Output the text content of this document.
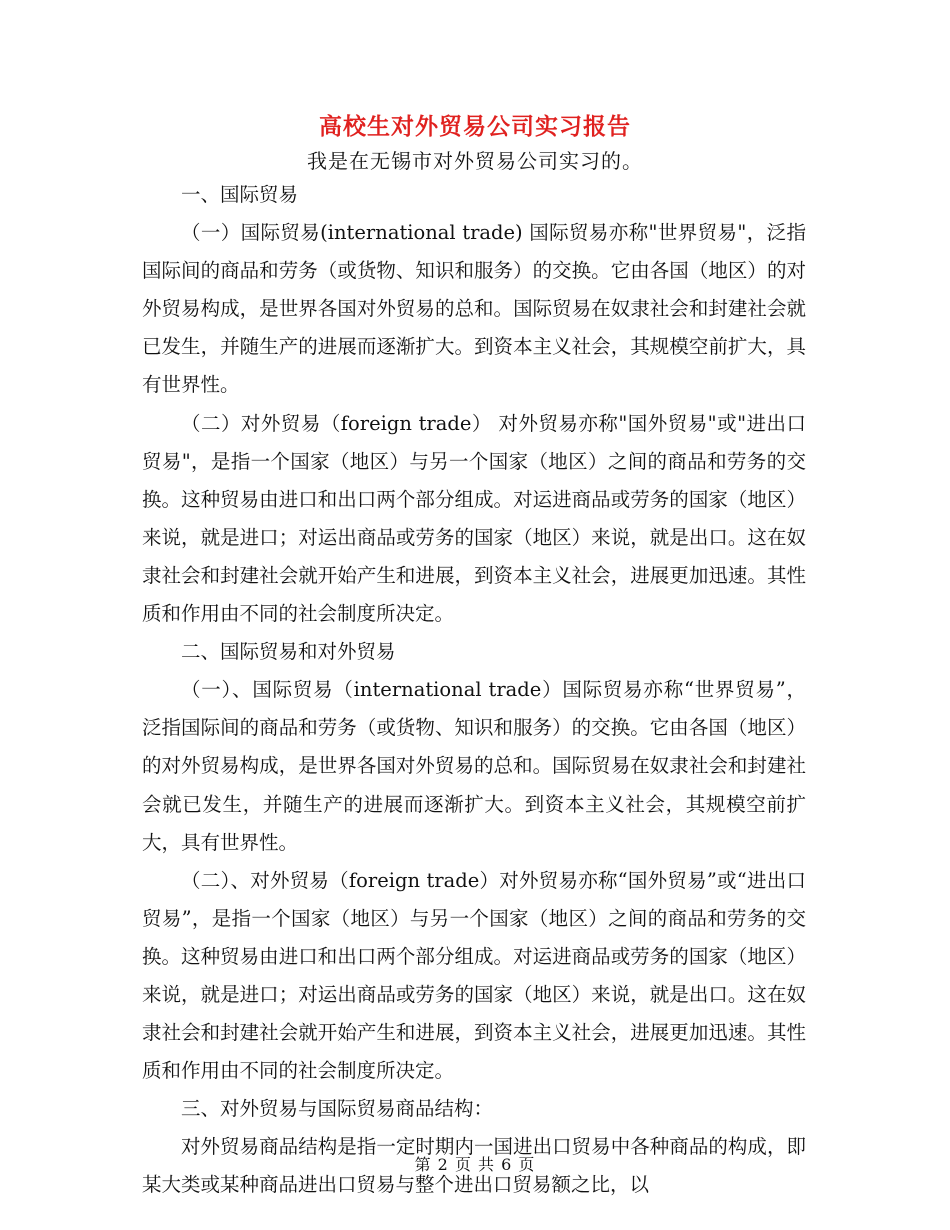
高校生对外贸易公司实习报告
我是在无锡市对外贸易公司实习的。

一、国际贸易

（一）国际贸易(international trade) 国际贸易亦称"世界贸易"，泛指国际间的商品和劳务（或货物、知识和服务）的交换。它由各国（地区）的对外贸易构成，是世界各国对外贸易的总和。国际贸易在奴隶社会和封建社会就已发生，并随生产的进展而逐渐扩大。到资本主义社会，其规模空前扩大，具有世界性。

（二）对外贸易（foreign trade） 对外贸易亦称"国外贸易"或"进出口贸易"，是指一个国家（地区）与另一个国家（地区）之间的商品和劳务的交换。这种贸易由进口和出口两个部分组成。对运进商品或劳务的国家（地区）来说，就是进口；对运出商品或劳务的国家（地区）来说，就是出口。这在奴隶社会和封建社会就开始产生和进展，到资本主义社会，进展更加迅速。其性质和作用由不同的社会制度所决定。

二、国际贸易和对外贸易

（一）、国际贸易（international trade）国际贸易亦称“世界贸易”，泛指国际间的商品和劳务（或货物、知识和服务）的交换。它由各国（地区）的对外贸易构成，是世界各国对外贸易的总和。国际贸易在奴隶社会和封建社会就已发生，并随生产的进展而逐渐扩大。到资本主义社会，其规模空前扩大，具有世界性。

（二）、对外贸易（foreign trade）对外贸易亦称“国外贸易”或“进出口贸易”，是指一个国家（地区）与另一个国家（地区）之间的商品和劳务的交换。这种贸易由进口和出口两个部分组成。对运进商品或劳务的国家（地区）来说，就是进口；对运出商品或劳务的国家（地区）来说，就是出口。这在奴隶社会和封建社会就开始产生和进展，到资本主义社会，进展更加迅速。其性质和作用由不同的社会制度所决定。

三、对外贸易与国际贸易商品结构：

对外贸易商品结构是指一定时期内一国进出口贸易中各种商品的构成，即某大类或某种商品进出口贸易与整个进出口贸易额之比，以

第 2 页 共 6 页
